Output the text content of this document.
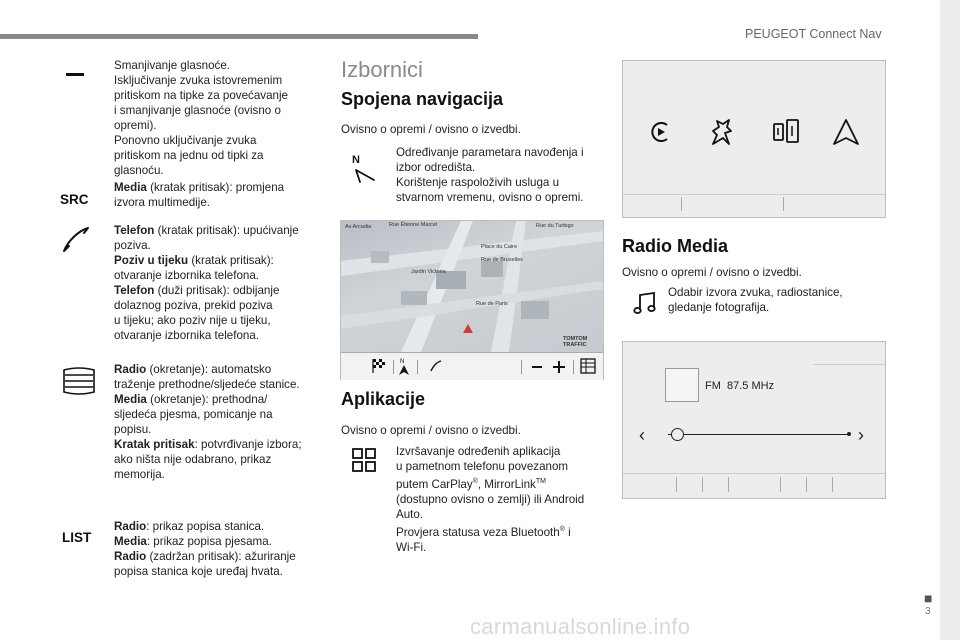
PEUGEOT Connect Nav
■
3
carmanualsonline.info
Smanjivanje glasnoće.
Isključivanje zvuka istovremenim
pritiskom na tipke za povećavanje
i smanjivanje glasnoće (ovisno o
opremi).
Ponovno uključivanje zvuka
pritiskom na jednu od tipki za
glasnoću.
SRC
Media (kratak pritisak): promjena
izvora multimedije.
Telefon (kratak pritisak): upućivanje
poziva.
Poziv u tijeku (kratak pritisak):
otvaranje izbornika telefona.
Telefon (duži pritisak): odbijanje
dolaznog poziva, prekid poziva
u tijeku; ako poziv nije u tijeku,
otvaranje izbornika telefona.
Radio (okretanje): automatsko
traženje prethodne/sljedeće stanice.
Media (okretanje): prethodna/
sljedeća pjesma, pomicanje na
popisu.
Kratak pritisak: potvrđivanje izbora;
ako ništa nije odabrano, prikaz
memorija.
LIST
Radio: prikaz popisa stanica.
Media: prikaz popisa pjesama.
Radio (zadržan pritisak): ažuriranje
popisa stanica koje uređaj hvata.
Izbornici
Spojena navigacija
Ovisno o opremi / ovisno o izvedbi.
N
Određivanje parametara navođenja i
izbor odredišta.
Korištenje raspoloživih usluga u
stvarnom vremenu, ovisno o opremi.
Av Arcadia	Rue Étienne Marcel	Rue du Turbigo
Jardin Victoria
Rue de Bruxelles
Place du Caire
Rue de Paris
TOMTOM
TRAFFIC
N
Aplikacije
Ovisno o opremi / ovisno o izvedbi.
Izvršavanje određenih aplikacija
u pametnom telefonu povezanom
putem CarPlay®, MirrorLink™
(dostupno ovisno o zemlji) ili Android
Auto.
Provjera statusa veza Bluetooth® i
Wi-Fi.
Radio Media
Ovisno o opremi / ovisno o izvedbi.
Odabir izvora zvuka, radiostanice,
gledanje fotografija.
FM  87.5 MHz
‹	›
